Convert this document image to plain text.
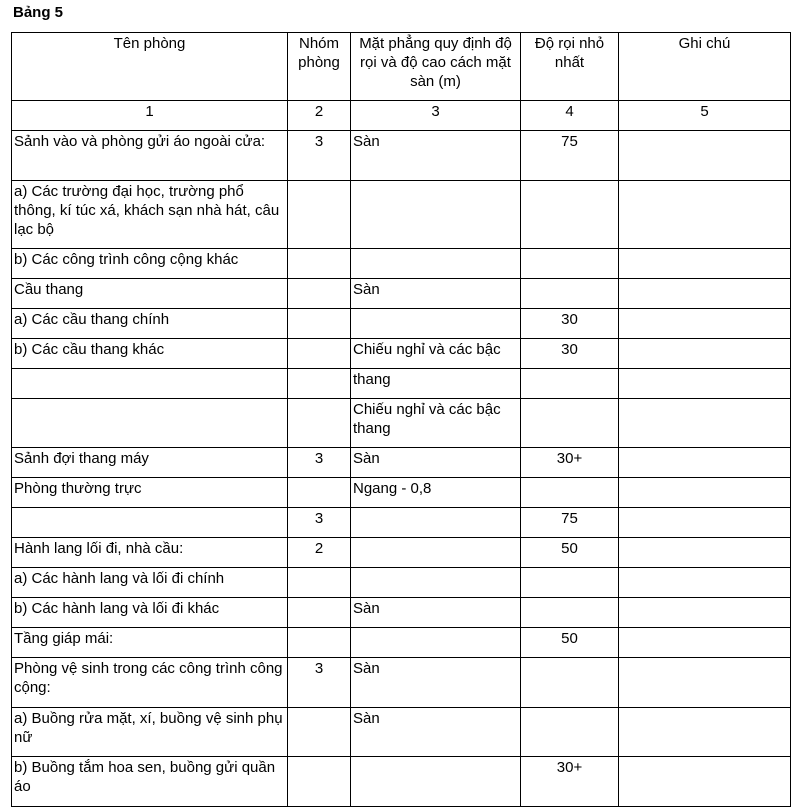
Bảng 5
Tên phòng	Nhóm phòng	Mặt phẳng quy định độ rọi và độ cao cách mặt sàn (m)	Độ rọi nhỏ nhất	Ghi chú
1	2	3	4	5
Sảnh vào và phòng gửi áo ngoài cửa:	3	Sàn	75	
a) Các trường đại học, trường phổ thông, kí túc xá, khách sạn nhà hát, câu lạc bộ				
b) Các công trình công cộng khác				
Cầu thang		Sàn		
a) Các cầu thang chính			30	
b) Các cầu thang khác		Chiếu nghỉ và các bậc	30	
		thang		
		Chiếu nghỉ và các bậc thang		
Sảnh đợi thang máy	3	Sàn	30+	
Phòng thường trực		Ngang - 0,8		
	3		75	
Hành lang lối đi, nhà cầu:	2		50	
a) Các hành lang và lối đi chính				
b) Các hành lang và lối đi khác		Sàn		
Tầng giáp mái:			50	
Phòng vệ sinh trong các công trình công cộng:	3	Sàn		
a) Buồng rửa mặt, xí, buồng vệ sinh phụ nữ		Sàn		
b) Buồng tắm hoa sen, buồng gửi quần áo			30+	
